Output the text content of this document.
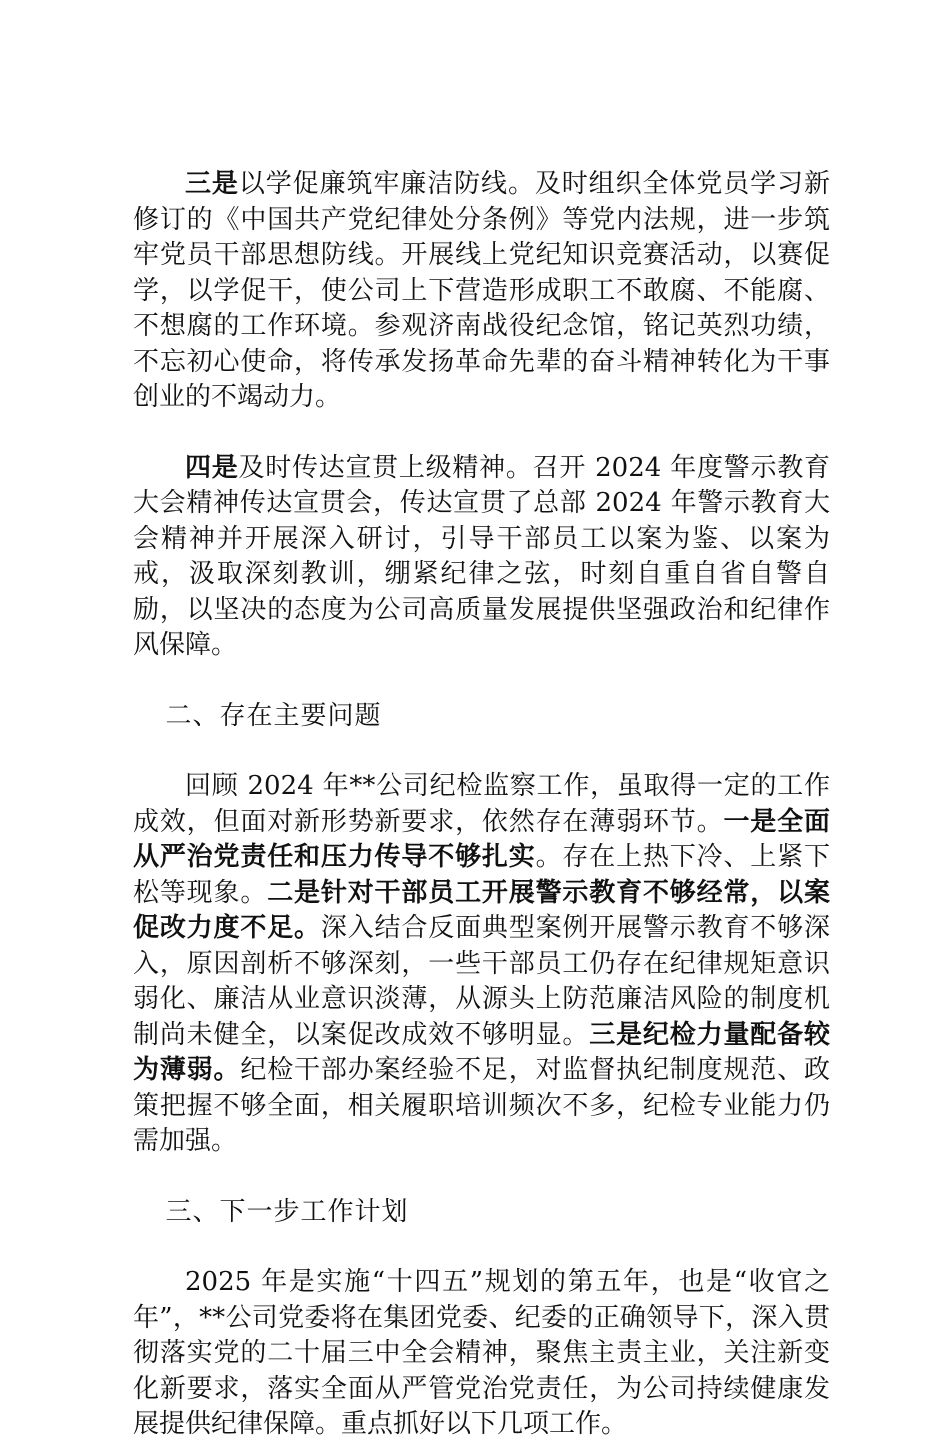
三是以学促廉筑牢廉洁防线。及时组织全体党员学习新修订的《中国共产党纪律处分条例》等党内法规，进一步筑牢党员干部思想防线。开展线上党纪知识竞赛活动，以赛促学，以学促干，使公司上下营造形成职工不敢腐、不能腐、不想腐的工作环境。参观济南战役纪念馆，铭记英烈功绩，不忘初心使命，将传承发扬革命先辈的奋斗精神转化为干事创业的不竭动力。

四是及时传达宣贯上级精神。召开 2024 年度警示教育大会精神传达宣贯会，传达宣贯了总部 2024 年警示教育大会精神并开展深入研讨，引导干部员工以案为鉴、以案为戒，汲取深刻教训，绷紧纪律之弦，时刻自重自省自警自励，以坚决的态度为公司高质量发展提供坚强政治和纪律作风保障。

二、存在主要问题

回顾 2024 年**公司纪检监察工作，虽取得一定的工作成效，但面对新形势新要求，依然存在薄弱环节。一是全面从严治党责任和压力传导不够扎实。存在上热下冷、上紧下松等现象。二是针对干部员工开展警示教育不够经常，以案促改力度不足。深入结合反面典型案例开展警示教育不够深入，原因剖析不够深刻，一些干部员工仍存在纪律规矩意识弱化、廉洁从业意识淡薄，从源头上防范廉洁风险的制度机制尚未健全，以案促改成效不够明显。三是纪检力量配备较为薄弱。纪检干部办案经验不足，对监督执纪制度规范、政策把握不够全面，相关履职培训频次不多，纪检专业能力仍需加强。

三、下一步工作计划

2025 年是实施“十四五”规划的第五年，也是“收官之年”，**公司党委将在集团党委、纪委的正确领导下，深入贯彻落实党的二十届三中全会精神，聚焦主责主业，关注新变化新要求，落实全面从严管党治党责任，为公司持续健康发展提供纪律保障。重点抓好以下几项工作。
